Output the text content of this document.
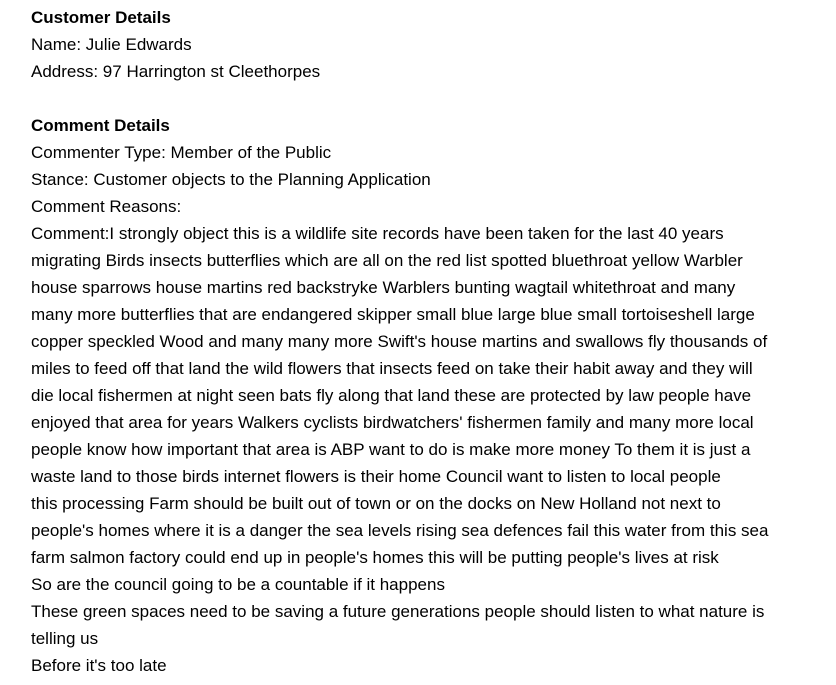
Customer Details
Name: Julie Edwards
Address: 97 Harrington st Cleethorpes
Comment Details
Commenter Type: Member of the Public
Stance: Customer objects to the Planning Application
Comment Reasons:
Comment:I strongly object this is a wildlife site records have been taken for the last 40 years
migrating Birds insects butterflies which are all on the red list spotted bluethroat yellow Warbler
house sparrows house martins red backstryke Warblers bunting wagtail whitethroat and many
many more butterflies that are endangered skipper small blue large blue small tortoiseshell large
copper speckled Wood and many many more Swift's house martins and swallows fly thousands of
miles to feed off that land the wild flowers that insects feed on take their habit away and they will
die local fishermen at night seen bats fly along that land these are protected by law people have
enjoyed that area for years Walkers cyclists birdwatchers' fishermen family and many more local
people know how important that area is ABP want to do is make more money To them it is just a
waste land to those birds internet flowers is their home Council want to listen to local people
this processing Farm should be built out of town or on the docks on New Holland not next to
people's homes where it is a danger the sea levels rising sea defences fail this water from this sea
farm salmon factory could end up in people's homes this will be putting people's lives at risk
So are the council going to be a countable if it happens
These green spaces need to be saving a future generations people should listen to what nature is
telling us
Before it's too late
